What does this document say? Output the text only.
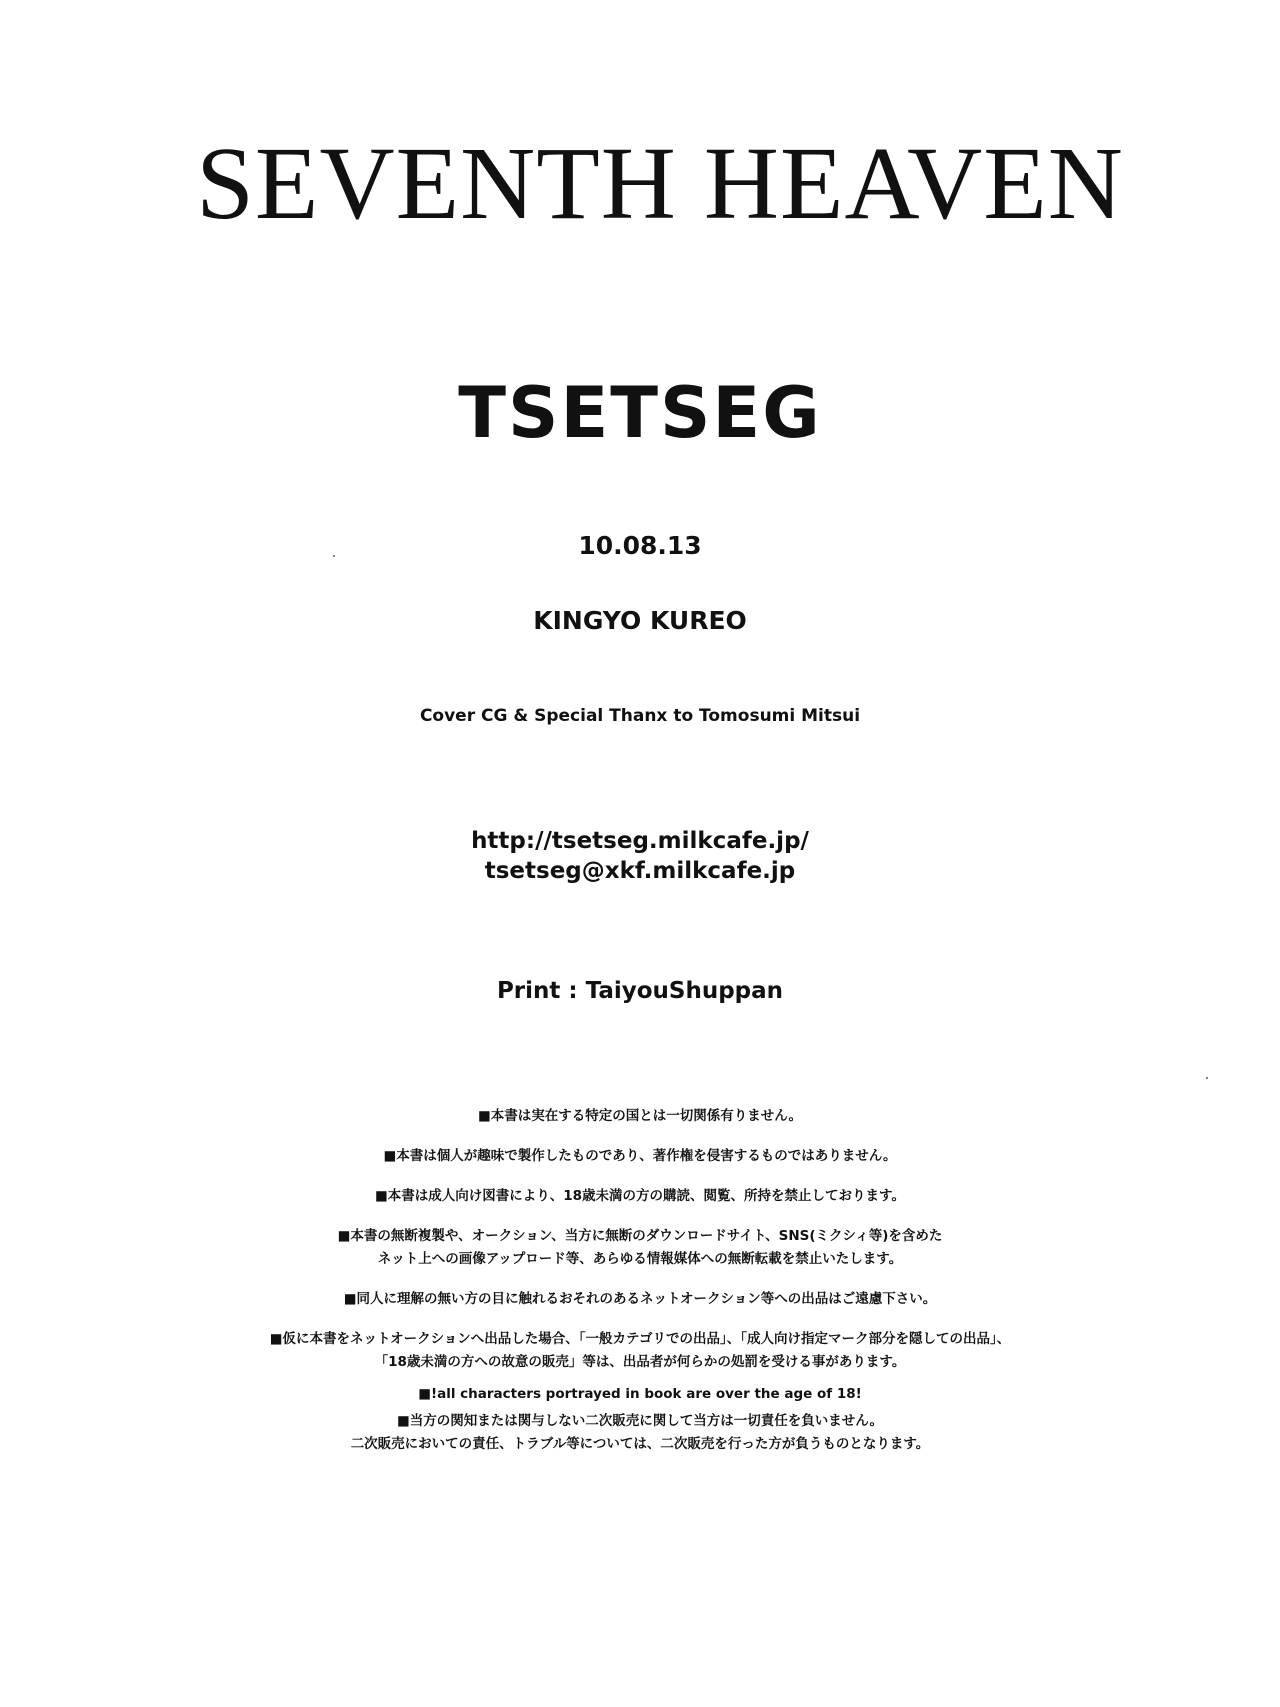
SEVENTH HEAVEN
TSETSEG
10.08.13
KINGYO KUREO
Cover CG & Special Thanx to Tomosumi Mitsui
http://tsetseg.milkcafe.jp/
tsetseg@xkf.milkcafe.jp
Print : TaiyouShuppan
■本書は実在する特定の国とは一切関係有りません。
■本書は個人が趣味で製作したものであり、著作権を侵害するものではありません。
■本書は成人向け図書により、18歳未満の方の購読、閲覧、所持を禁止しております。
■本書の無断複製や、オークション、当方に無断のダウンロードサイト、SNS(ミクシィ等)を含めた
ネット上への画像アップロード等、あらゆる情報媒体への無断転載を禁止いたします。
■同人に理解の無い方の目に触れるおそれのあるネットオークション等への出品はご遠慮下さい。
■仮に本書をネットオークションへ出品した場合、「一般カテゴリでの出品」、「成人向け指定マーク部分を隠しての出品」、
「18歳未満の方への故意の販売」等は、出品者が何らかの処罰を受ける事があります。
■!all characters portrayed in book are over the age of 18!
■当方の関知または関与しない二次販売に関して当方は一切責任を負いません。
二次販売においての責任、トラブル等については、二次販売を行った方が負うものとなります。
